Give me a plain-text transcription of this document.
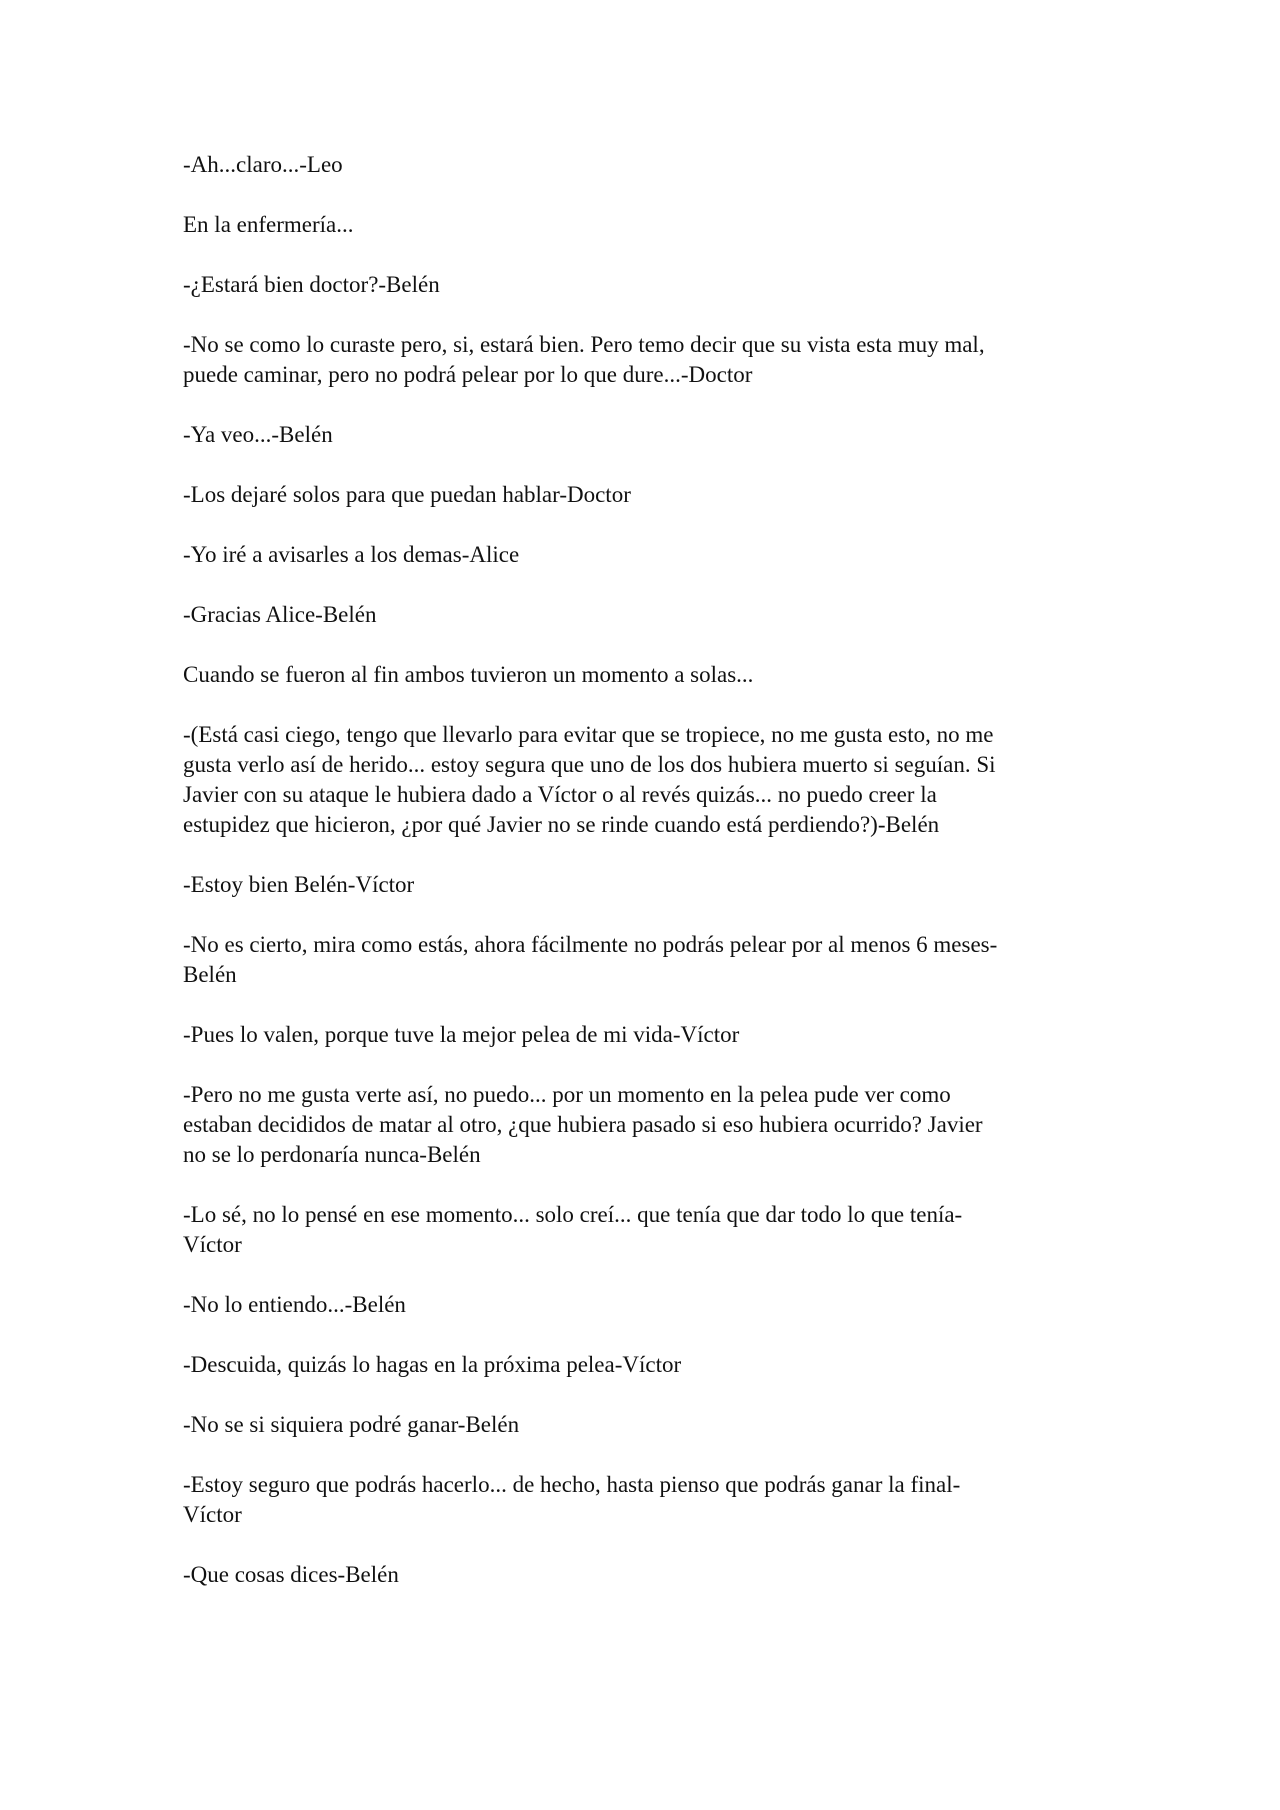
-Ah...claro...-Leo

En la enfermería...

-¿Estará bien doctor?-Belén

-No se como lo curaste pero, si, estará bien. Pero temo decir que su vista esta muy mal,
puede caminar, pero no podrá pelear por lo que dure...-Doctor

-Ya veo...-Belén

-Los dejaré solos para que puedan hablar-Doctor

-Yo iré a avisarles a los demas-Alice

-Gracias Alice-Belén

Cuando se fueron al fin ambos tuvieron un momento a solas...

-(Está casi ciego, tengo que llevarlo para evitar que se tropiece, no me gusta esto, no me
gusta verlo así de herido... estoy segura que uno de los dos hubiera muerto si seguían. Si
Javier con su ataque le hubiera dado a Víctor o al revés quizás... no puedo creer la
estupidez que hicieron, ¿por qué Javier no se rinde cuando está perdiendo?)-Belén

-Estoy bien Belén-Víctor

-No es cierto, mira como estás, ahora fácilmente no podrás pelear por al menos 6 meses-
Belén

-Pues lo valen, porque tuve la mejor pelea de mi vida-Víctor

-Pero no me gusta verte así, no puedo... por un momento en la pelea pude ver como
estaban decididos de matar al otro, ¿que hubiera pasado si eso hubiera ocurrido? Javier
no se lo perdonaría nunca-Belén

-Lo sé, no lo pensé en ese momento... solo creí... que tenía que dar todo lo que tenía-
Víctor

-No lo entiendo...-Belén

-Descuida, quizás lo hagas en la próxima pelea-Víctor

-No se si siquiera podré ganar-Belén

-Estoy seguro que podrás hacerlo... de hecho, hasta pienso que podrás ganar la final-
Víctor

-Que cosas dices-Belén
